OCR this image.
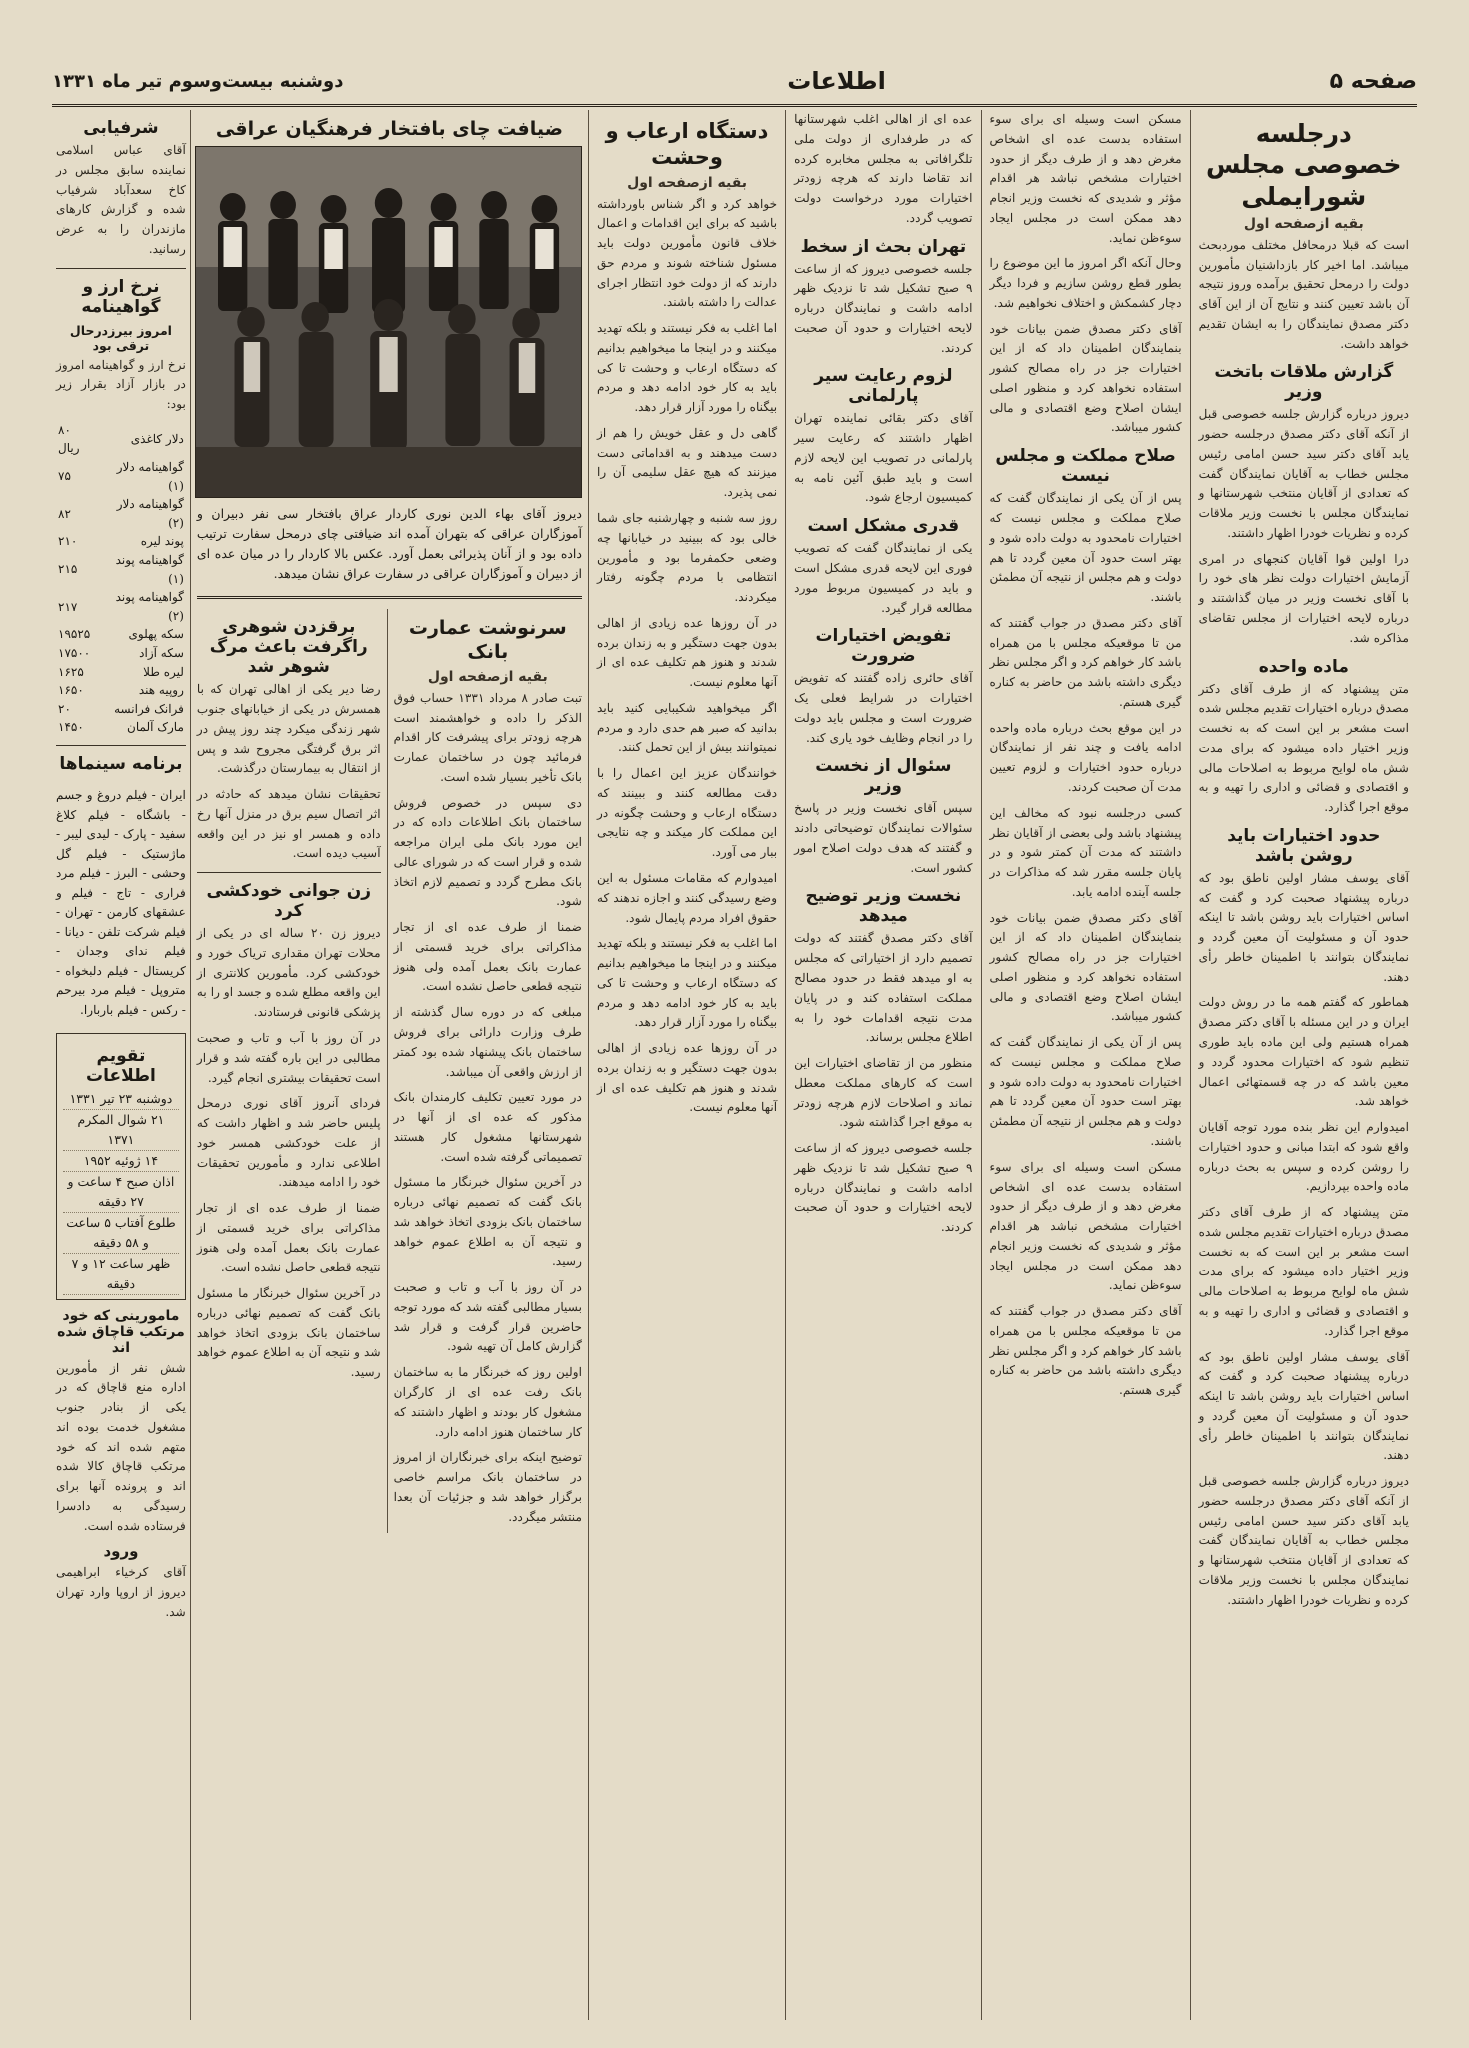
صفحه ۵
اطلاعات
دوشنبه بیست‌وسوم تیر ماه ۱۳۳۱
درجلسه خصوصی مجلس شورایملی
بقیه ازصفحه اول

است که قبلا درمحافل مختلف موردبحث میباشد. اما اخیر کار بازداشنیان مأمورین دولت را درمحل تحقیق برآمده وروز نتیجه آن باشد تعیین کنند و نتایج آن از این آقای دکتر مصدق نمایندگان را به ایشان تقدیم خواهد داشت.

گزارش ملاقات باتخت وزیر

دیروز درباره گزارش جلسه خصوصی قبل از آنکه آقای دکتر مصدق درجلسه حضور یابد آقای دکتر سید حسن امامی رئیس مجلس خطاب به آقایان نمایندگان گفت که تعدادی از آقایان منتخب شهرستانها و نمایندگان مجلس با نخست وزیر ملاقات کرده و نظریات خودرا اظهار داشتند.

درا اولین قوا آقایان کنجهای در امری آزمایش اختیارات دولت نظر های خود را با آقای نخست وزیر در میان گذاشتند و درباره لایحه اختیارات از مجلس تقاضای مذاکره شد.

ماده واحده

متن پیشنهاد که از طرف آقای دکتر مصدق درباره اختیارات تقدیم مجلس شده است مشعر بر این است که به نخست وزیر اختیار داده میشود که برای مدت شش ماه لوایح مربوط به اصلاحات مالی و اقتصادی و قضائی و اداری را تهیه و به موقع اجرا گذارد.

حدود اختیارات باید روشن باشد

آقای یوسف مشار اولین ناطق بود که درباره پیشنهاد صحبت کرد و گفت که اساس اختیارات باید روشن باشد تا اینکه حدود آن و مسئولیت آن معین گردد و نمایندگان بتوانند با اطمینان خاطر رأی دهند.

هماطور که گفتم همه ما در روش دولت ایران و در این مسئله با آقای دکتر مصدق همراه هستیم ولی این ماده باید طوری تنظیم شود که اختیارات محدود گردد و معین باشد که در چه قسمتهائی اعمال خواهد شد.

امیدوارم این نظر بنده مورد توجه آقایان واقع شود که ابتدا مبانی و حدود اختیارات را روشن کرده و سپس به بحث درباره ماده واحده بپردازیم.

متن پیشنهاد که از طرف آقای دکتر مصدق درباره اختیارات تقدیم مجلس شده است مشعر بر این است که به نخست وزیر اختیار داده میشود که برای مدت شش ماه لوایح مربوط به اصلاحات مالی و اقتصادی و قضائی و اداری را تهیه و به موقع اجرا گذارد.

آقای یوسف مشار اولین ناطق بود که درباره پیشنهاد صحبت کرد و گفت که اساس اختیارات باید روشن باشد تا اینکه حدود آن و مسئولیت آن معین گردد و نمایندگان بتوانند با اطمینان خاطر رأی دهند.

دیروز درباره گزارش جلسه خصوصی قبل از آنکه آقای دکتر مصدق درجلسه حضور یابد آقای دکتر سید حسن امامی رئیس مجلس خطاب به آقایان نمایندگان گفت که تعدادی از آقایان منتخب شهرستانها و نمایندگان مجلس با نخست وزیر ملاقات کرده و نظریات خودرا اظهار داشتند.

مسکن است وسیله ای برای سوء استفاده بدست عده ای اشخاص مغرض دهد و از طرف دیگر از حدود اختیارات مشخص نباشد هر اقدام مؤثر و شدیدی که نخست وزیر انجام دهد ممکن است در مجلس ایجاد سوءظن نماید.

وحال آنکه اگر امروز ما این موضوع را بطور قطع روشن سازیم و فردا دیگر دچار کشمکش و اختلاف نخواهیم شد.

آقای دکتر مصدق ضمن بیانات خود بنمایندگان اطمینان داد که از این اختیارات جز در راه مصالح کشور استفاده نخواهد کرد و منظور اصلی ایشان اصلاح وضع اقتصادی و مالی کشور میباشد.

صلاح مملکت و مجلس نیست

پس از آن یکی از نمایندگان گفت که صلاح مملکت و مجلس نیست که اختیارات نامحدود به دولت داده شود و بهتر است حدود آن معین گردد تا هم دولت و هم مجلس از نتیجه آن مطمئن باشند.

آقای دکتر مصدق در جواب گفتند که من تا موقعیکه مجلس با من همراه باشد کار خواهم کرد و اگر مجلس نظر دیگری داشته باشد من حاضر به کناره گیری هستم.

در این موقع بحث درباره ماده واحده ادامه یافت و چند نفر از نمایندگان درباره حدود اختیارات و لزوم تعیین مدت آن صحبت کردند.

کسی درجلسه نبود که مخالف این پیشنهاد باشد ولی بعضی از آقایان نظر داشتند که مدت آن کمتر شود و در پایان جلسه مقرر شد که مذاکرات در جلسه آینده ادامه یابد.

آقای دکتر مصدق ضمن بیانات خود بنمایندگان اطمینان داد که از این اختیارات جز در راه مصالح کشور استفاده نخواهد کرد و منظور اصلی ایشان اصلاح وضع اقتصادی و مالی کشور میباشد.

پس از آن یکی از نمایندگان گفت که صلاح مملکت و مجلس نیست که اختیارات نامحدود به دولت داده شود و بهتر است حدود آن معین گردد تا هم دولت و هم مجلس از نتیجه آن مطمئن باشند.

مسکن است وسیله ای برای سوء استفاده بدست عده ای اشخاص مغرض دهد و از طرف دیگر از حدود اختیارات مشخص نباشد هر اقدام مؤثر و شدیدی که نخست وزیر انجام دهد ممکن است در مجلس ایجاد سوءظن نماید.

آقای دکتر مصدق در جواب گفتند که من تا موقعیکه مجلس با من همراه باشد کار خواهم کرد و اگر مجلس نظر دیگری داشته باشد من حاضر به کناره گیری هستم.

عده ای از اهالی اغلب شهرستانها که در طرفداری از دولت ملی تلگرافاتی به مجلس مخابره کرده اند تقاضا دارند که هرچه زودتر اختیارات مورد درخواست دولت تصویب گردد.

تهران بحث از سخط

جلسه خصوصی دیروز که از ساعت ۹ صبح تشکیل شد تا نزدیک ظهر ادامه داشت و نمایندگان درباره لایحه اختیارات و حدود آن صحبت کردند.

لزوم رعایت سیر پارلمانی

آقای دکتر بقائی نماینده تهران اظهار داشتند که رعایت سیر پارلمانی در تصویب این لایحه لازم است و باید طبق آئین نامه به کمیسیون ارجاع شود.

قدری مشکل است

یکی از نمایندگان گفت که تصویب فوری این لایحه قدری مشکل است و باید در کمیسیون مربوط مورد مطالعه قرار گیرد.

تفویض اختیارات ضرورت

آقای حائری زاده گفتند که تفویض اختیارات در شرایط فعلی یک ضرورت است و مجلس باید دولت را در انجام وظایف خود یاری کند.

سئوال از نخست وزیر

سپس آقای نخست وزیر در پاسخ سئوالات نمایندگان توضیحاتی دادند و گفتند که هدف دولت اصلاح امور کشور است.

نخست وزیر توضیح میدهد

آقای دکتر مصدق گفتند که دولت تصمیم دارد از اختیاراتی که مجلس به او میدهد فقط در حدود مصالح مملکت استفاده کند و در پایان مدت نتیجه اقدامات خود را به اطلاع مجلس برساند.

منظور من از تقاضای اختیارات این است که کارهای مملکت معطل نماند و اصلاحات لازم هرچه زودتر به موقع اجرا گذاشته شود.

جلسه خصوصی دیروز که از ساعت ۹ صبح تشکیل شد تا نزدیک ظهر ادامه داشت و نمایندگان درباره لایحه اختیارات و حدود آن صحبت کردند.

دستگاه ارعاب و وحشت
بقیه ازصفحه اول

خواهد کرد و اگر شناس باورداشته باشید که برای این اقدامات و اعمال خلاف قانون مأمورین دولت باید مسئول شناخته شوند و مردم حق دارند که از دولت خود انتظار اجرای عدالت را داشته باشند.

اما اغلب به فکر نیستند و بلکه تهدید میکنند و در اینجا ما میخواهیم بدانیم که دستگاه ارعاب و وحشت تا کی باید به کار خود ادامه دهد و مردم بیگناه را مورد آزار قرار دهد.

گاهی دل و عقل خویش را هم از دست میدهند و به اقداماتی دست میزنند که هیچ عقل سلیمی آن را نمی پذیرد.

روز سه شنبه و چهارشنبه جای شما خالی بود که ببینید در خیابانها چه وضعی حکمفرما بود و مأمورین انتظامی با مردم چگونه رفتار میکردند.

در آن روزها عده زیادی از اهالی بدون جهت دستگیر و به زندان برده شدند و هنوز هم تکلیف عده ای از آنها معلوم نیست.

اگر میخواهید شکیبایی کنید باید بدانید که صبر هم حدی دارد و مردم نمیتوانند بیش از این تحمل کنند.

خوانندگان عزیز این اعمال را با دقت مطالعه کنند و ببینند که دستگاه ارعاب و وحشت چگونه در این مملکت کار میکند و چه نتایجی ببار می آورد.

امیدوارم که مقامات مسئول به این وضع رسیدگی کنند و اجازه ندهند که حقوق افراد مردم پایمال شود.

اما اغلب به فکر نیستند و بلکه تهدید میکنند و در اینجا ما میخواهیم بدانیم که دستگاه ارعاب و وحشت تا کی باید به کار خود ادامه دهد و مردم بیگناه را مورد آزار قرار دهد.

در آن روزها عده زیادی از اهالی بدون جهت دستگیر و به زندان برده شدند و هنوز هم تکلیف عده ای از آنها معلوم نیست.

ضیافت چای بافتخار فرهنگیان عراقی

دیروز آقای بهاء الدین نوری کاردار عراق بافتخار سی نفر دبیران و آموزگاران عراقی که بتهران آمده اند ضیافتی چای درمحل سفارت ترتیب داده بود و از آنان پذیرائی بعمل آورد. عکس بالا کاردار را در میان عده ای از دبیران و آموزگاران عراقی در سفارت عراق نشان میدهد.

سرنوشت عمارت بانک
بقیه ازصفحه اول

تبت صادر ۸ مرداد ۱۳۳۱ حساب فوق الذکر را داده و خواهشمند است هرچه زودتر برای پیشرفت کار اقدام فرمائید چون در ساختمان عمارت بانک تأخیر بسیار شده است.

دی سپس در خصوص فروش ساختمان بانک اطلاعات داده که در این مورد بانک ملی ایران مراجعه شده و قرار است که در شورای عالی بانک مطرح گردد و تصمیم لازم اتخاذ شود.

ضمنا از طرف عده ای از تجار مذاکراتی برای خرید قسمتی از عمارت بانک بعمل آمده ولی هنوز نتیجه قطعی حاصل نشده است.

مبلغی که در دوره سال گذشته از طرف وزارت دارائی برای فروش ساختمان بانک پیشنهاد شده بود کمتر از ارزش واقعی آن میباشد.

در مورد تعیین تکلیف کارمندان بانک مذکور که عده ای از آنها در شهرستانها مشغول کار هستند تصمیماتی گرفته شده است.

در آخرین سئوال خبرنگار ما مسئول بانک گفت که تصمیم نهائی درباره ساختمان بانک بزودی اتخاذ خواهد شد و نتیجه آن به اطلاع عموم خواهد رسید.

در آن روز با آب و تاب و صحبت بسیار مطالبی گفته شد که مورد توجه حاضرین قرار گرفت و قرار شد گزارش کامل آن تهیه شود.

اولین روز که خبرنگار ما به ساختمان بانک رفت عده ای از کارگران مشغول کار بودند و اظهار داشتند که کار ساختمان هنوز ادامه دارد.

توضیح اینکه برای خبرنگاران از امروز در ساختمان بانک مراسم خاصی برگزار خواهد شد و جزئیات آن بعدا منتشر میگردد.

برقزدن شوهری راگرفت باعث مرگ شوهر شد

رضا دیر یکی از اهالی تهران که با همسرش در یکی از خیابانهای جنوب شهر زندگی میکرد چند روز پیش در اثر برق گرفتگی مجروح شد و پس از انتقال به بیمارستان درگذشت.

تحقیقات نشان میدهد که حادثه در اثر اتصال سیم برق در منزل آنها رخ داده و همسر او نیز در این واقعه آسیب دیده است.

زن جوانی خودکشی کرد

دیروز زن ۲۰ ساله ای در یکی از محلات تهران مقداری تریاک خورد و خودکشی کرد. مأمورین کلانتری از این واقعه مطلع شده و جسد او را به پزشکی قانونی فرستادند.

در آن روز با آب و تاب و صحبت مطالبی در این باره گفته شد و قرار است تحقیقات بیشتری انجام گیرد.

فردای آنروز آقای نوری درمحل پلیس حاضر شد و اظهار داشت که از علت خودکشی همسر خود اطلاعی ندارد و مأمورین تحقیقات خود را ادامه میدهند.

ضمنا از طرف عده ای از تجار مذاکراتی برای خرید قسمتی از عمارت بانک بعمل آمده ولی هنوز نتیجه قطعی حاصل نشده است.

در آخرین سئوال خبرنگار ما مسئول بانک گفت که تصمیم نهائی درباره ساختمان بانک بزودی اتخاذ خواهد شد و نتیجه آن به اطلاع عموم خواهد رسید.

شرفیابی

آقای عباس اسلامی نماینده سابق مجلس در کاخ سعدآباد شرفیاب شده و گزارش کارهای مازندران را به عرض رسانید.

نرخ ارز و گواهینامه
امروز بیرزدرحال ترقی بود

نرخ ارز و گواهینامه امروز در بازار آزاد بقرار زیر بود:

دلار کاغذی	۸۰ ریال
گواهینامه دلار (۱)	۷۵
گواهینامه دلار (۲)	۸۲
پوند لیره	۲۱۰
گواهینامه پوند (۱)	۲۱۵
گواهینامه پوند (۲)	۲۱۷
سکه پهلوی	۱۹۵۲۵
سکه آزاد	۱۷۵۰۰
لیره طلا	۱۶۲۵
روپیه هند	۱۶۵۰
فرانک فرانسه	۲۰
مارک آلمان	۱۴۵۰
برنامه سینماها

ایران - فیلم دروغ و جسم - باشگاه - فیلم کلاغ سفید - پارک - لیدی لیبر - ماژستیک - فیلم گل وحشی - البرز - فیلم مرد فراری - تاج - فیلم و عشقهای کارمن - تهران - فیلم شرکت تلفن - دیانا - فیلم ندای وجدان - کریستال - فیلم دلبخواه - متروپل - فیلم مرد بیرحم - رکس - فیلم باربارا.

تقویم اطلاعات
دوشنبه ۲۳ تیر ۱۳۳۱
۲۱ شوال المکرم ۱۳۷۱
۱۴ ژوئیه ۱۹۵۲
اذان صبح ۴ ساعت و ۲۷ دقیقه
طلوع آفتاب ۵ ساعت و ۵۸ دقیقه
ظهر ساعت ۱۲ و ۷ دقیقه
مامورینی که خود مرتکب قاچاق شده اند

شش نفر از مأمورین اداره منع قاچاق که در یکی از بنادر جنوب مشغول خدمت بوده اند متهم شده اند که خود مرتکب قاچاق کالا شده اند و پرونده آنها برای رسیدگی به دادسرا فرستاده شده است.

ورود

آقای کرخیاء ابراهیمی دیروز از اروپا وارد تهران شد.
